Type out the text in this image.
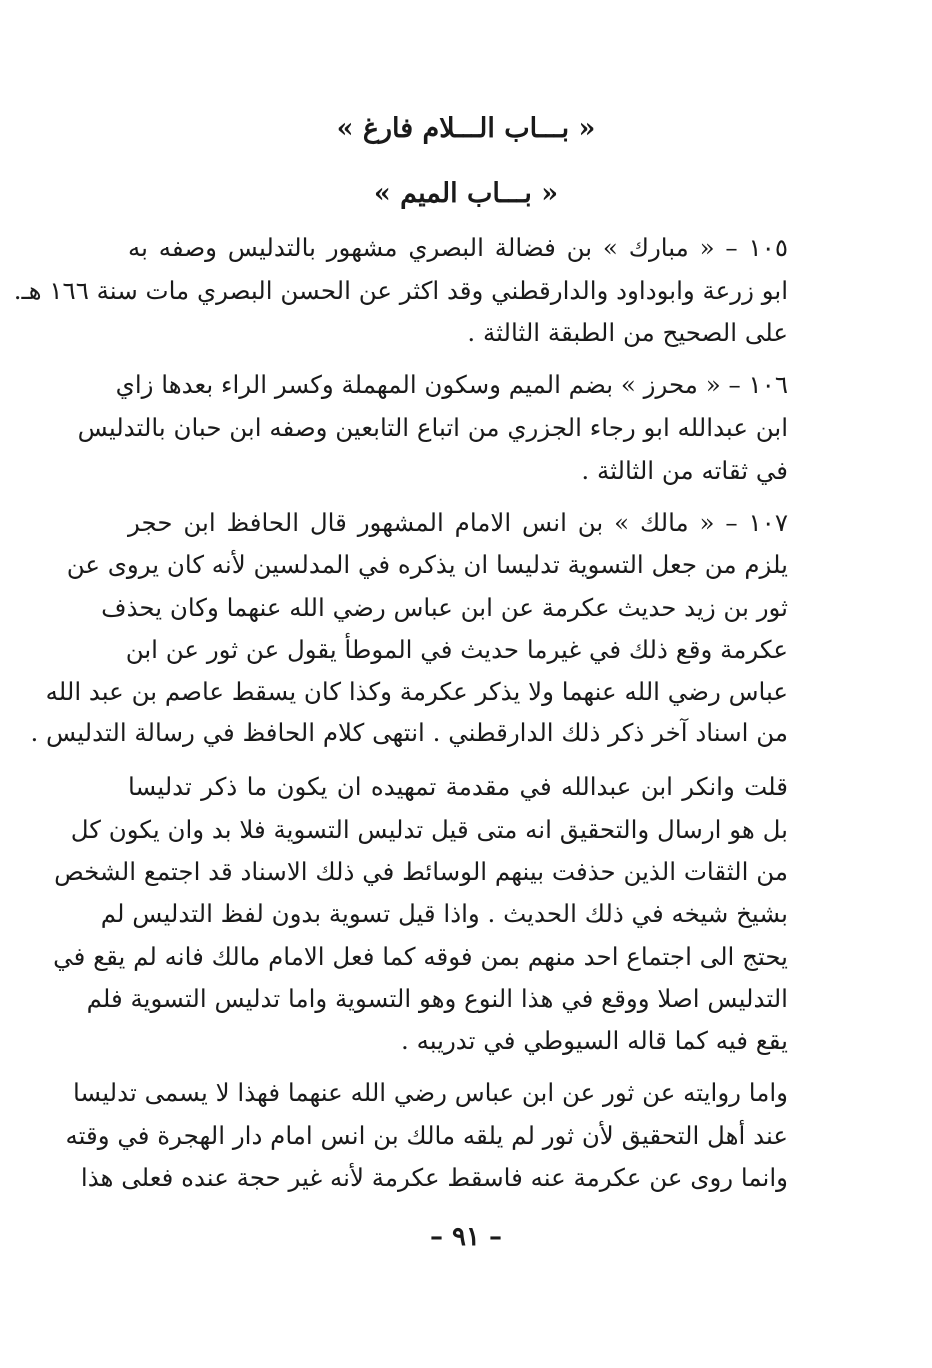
« بـــاب الـــلام فارغ »
« بـــاب الميم »
١٠٥ – « مبارك » بن فضالة البصري مشهور بالتدليس وصفه به
ابو زرعة وابوداود والدارقطني وقد اكثر عن الحسن البصري مات سنة ١٦٦ هـ.
على الصحيح من الطبقة الثالثة .
١٠٦ – « محرز » بضم الميم وسكون المهملة وكسر الراء بعدها زاي
ابن عبدالله ابو رجاء الجزري من اتباع التابعين وصفه ابن حبان بالتدليس
في ثقاته من الثالثة .
١٠٧ – « مالك » بن انس الامام المشهور قال الحافظ ابن حجر
يلزم من جعل التسوية تدليسا ان يذكره في المدلسين لأنه كان يروى عن
ثور بن زيد حديث عكرمة عن ابن عباس رضي الله عنهما وكان يحذف
عكرمة وقع ذلك في غيرما حديث في الموطأ يقول عن ثور عن ابن
عباس رضي الله عنهما ولا يذكر عكرمة وكذا كان يسقط عاصم بن عبد الله
من اسناد آخر ذكر ذلك الدارقطني . انتهى كلام الحافظ في رسالة التدليس .
قلت وانكر ابن عبدالله في مقدمة تمهيده ان يكون ما ذكر تدليسا
بل هو ارسال والتحقيق انه متى قيل تدليس التسوية فلا بد وان يكون كل
من الثقات الذين حذفت بينهم الوسائط في ذلك الاسناد قد اجتمع الشخص
بشيخ شيخه في ذلك الحديث . واذا قيل تسوية بدون لفظ التدليس لم
يحتج الى اجتماع احد منهم بمن فوقه كما فعل الامام مالك فانه لم يقع في
التدليس اصلا ووقع في هذا النوع وهو التسوية واما تدليس التسوية فلم
يقع فيه كما قاله السيوطي في تدريبه .
واما روايته عن ثور عن ابن عباس رضي الله عنهما فهذا لا يسمى تدليسا
عند أهل التحقيق لأن ثور لم يلقه مالك بن انس امام دار الهجرة في وقته
وانما روى عن عكرمة عنه فاسقط عكرمة لأنه غير حجة عنده فعلى هذا
– ٩١ –
